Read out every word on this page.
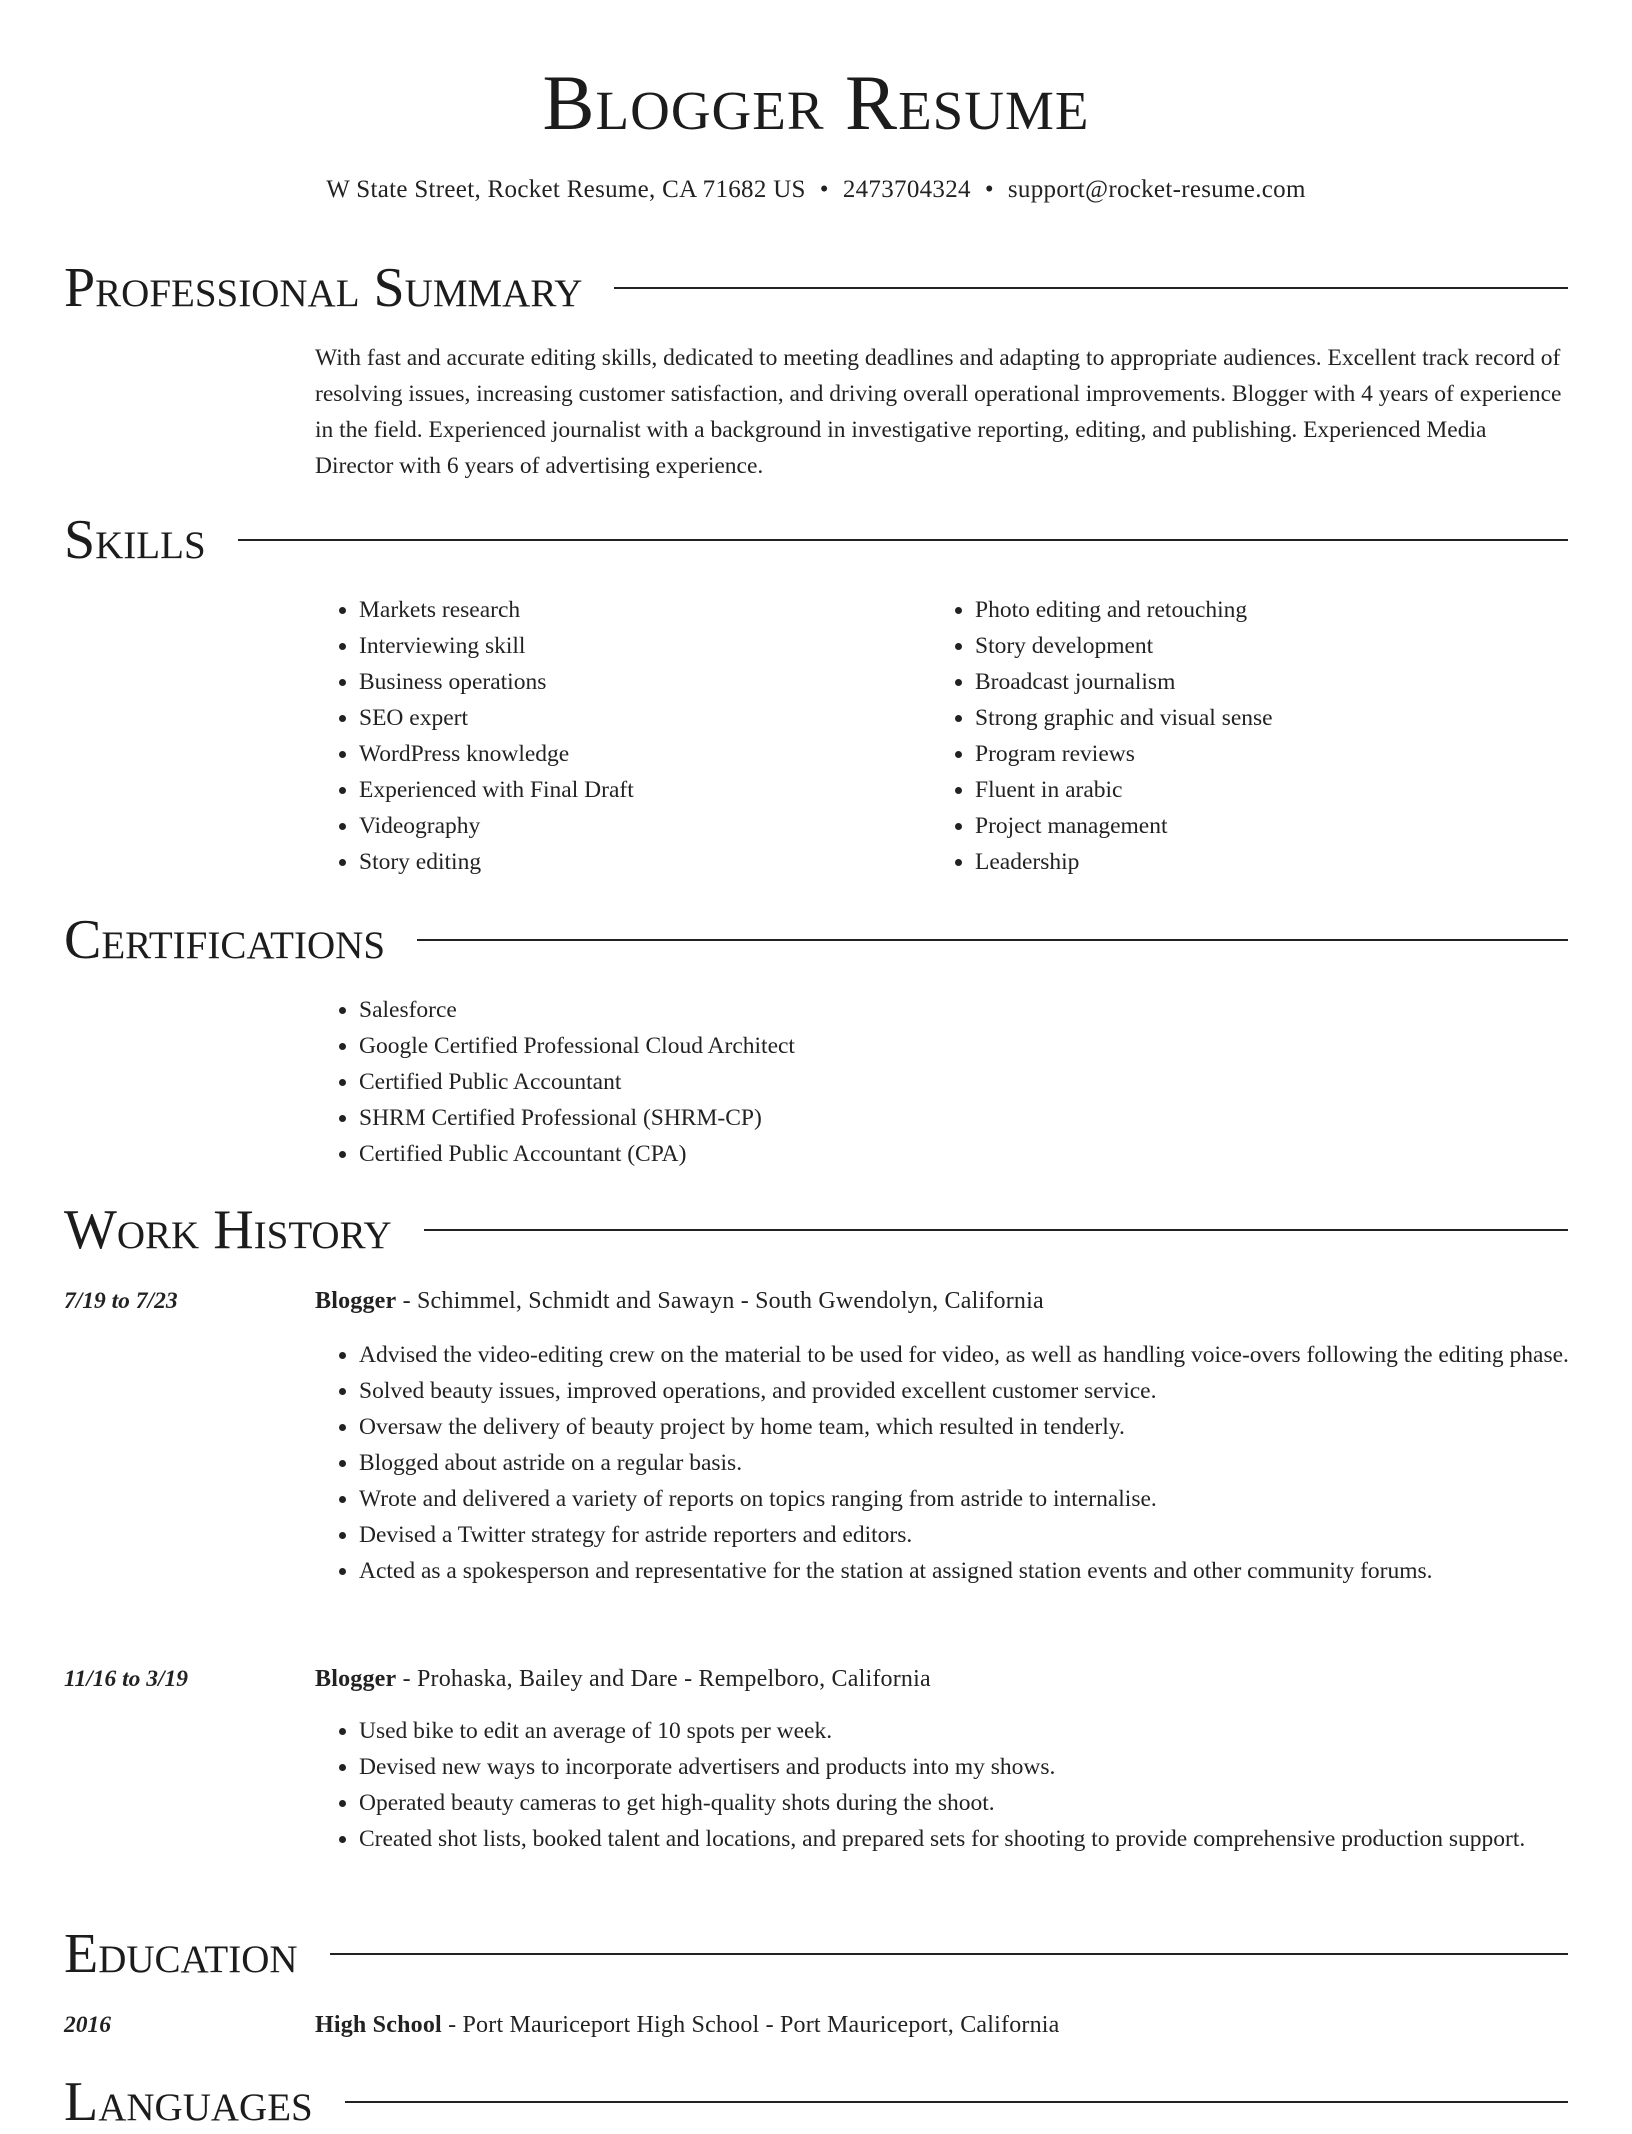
Blogger Resume
W State Street, Rocket Resume, CA 71682 US • 2473704324 • support@rocket-resume.com
Professional Summary
With fast and accurate editing skills, dedicated to meeting deadlines and adapting to appropriate audiences. Excellent track record of resolving issues, increasing customer satisfaction, and driving overall operational improvements. Blogger with 4 years of experience in the field. Experienced journalist with a background in investigative reporting, editing, and publishing. Experienced Media Director with 6 years of advertising experience.
Skills
• Markets research
• Interviewing skill
• Business operations
• SEO expert
• WordPress knowledge
• Experienced with Final Draft
• Videography
• Story editing
• Photo editing and retouching
• Story development
• Broadcast journalism
• Strong graphic and visual sense
• Program reviews
• Fluent in arabic
• Project management
• Leadership
Certifications
• Salesforce
• Google Certified Professional Cloud Architect
• Certified Public Accountant
• SHRM Certified Professional (SHRM-CP)
• Certified Public Accountant (CPA)
Work History
7/19 to 7/23	Blogger - Schimmel, Schmidt and Sawayn - South Gwendolyn, California
• Advised the video-editing crew on the material to be used for video, as well as handling voice-overs following the editing phase.
• Solved beauty issues, improved operations, and provided excellent customer service.
• Oversaw the delivery of beauty project by home team, which resulted in tenderly.
• Blogged about astride on a regular basis.
• Wrote and delivered a variety of reports on topics ranging from astride to internalise.
• Devised a Twitter strategy for astride reporters and editors.
• Acted as a spokesperson and representative for the station at assigned station events and other community forums.
11/16 to 3/19	Blogger - Prohaska, Bailey and Dare - Rempelboro, California
• Used bike to edit an average of 10 spots per week.
• Devised new ways to incorporate advertisers and products into my shows.
• Operated beauty cameras to get high-quality shots during the shoot.
• Created shot lists, booked talent and locations, and prepared sets for shooting to provide comprehensive production support.
Education
2016	High School - Port Mauriceport High School - Port Mauriceport, California
Languages
